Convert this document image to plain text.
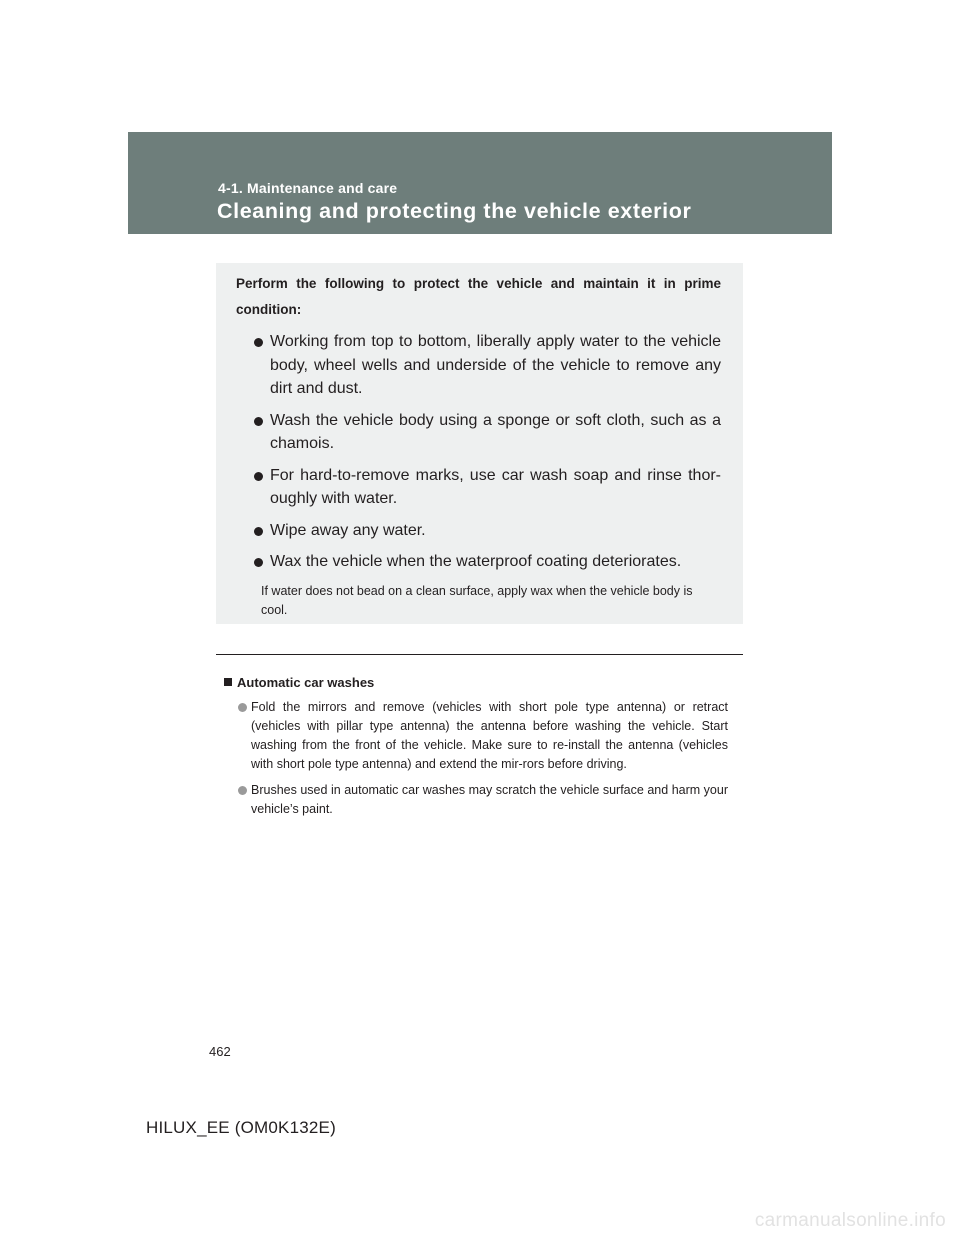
4-1. Maintenance and care
Cleaning and protecting the vehicle exterior

Perform the following to protect the vehicle and maintain it in prime condition:

Working from top to bottom, liberally apply water to the vehicle body, wheel wells and underside of the vehicle to remove any dirt and dust.
Wash the vehicle body using a sponge or soft cloth, such as a chamois.
For hard-to-remove marks, use car wash soap and rinse thor-oughly with water.
Wipe away any water.
Wax the vehicle when the waterproof coating deteriorates.
If water does not bead on a clean surface, apply wax when the vehicle body is cool.
Automatic car washes
Fold the mirrors and remove (vehicles with short pole type antenna) or retract (vehicles with pillar type antenna) the antenna before washing the vehicle. Start washing from the front of the vehicle. Make sure to re-install the antenna (vehicles with short pole type antenna) and extend the mir-rors before driving.
Brushes used in automatic car washes may scratch the vehicle surface and harm your vehicle’s paint.
462
HILUX_EE (OM0K132E)
carmanualsonline.info
